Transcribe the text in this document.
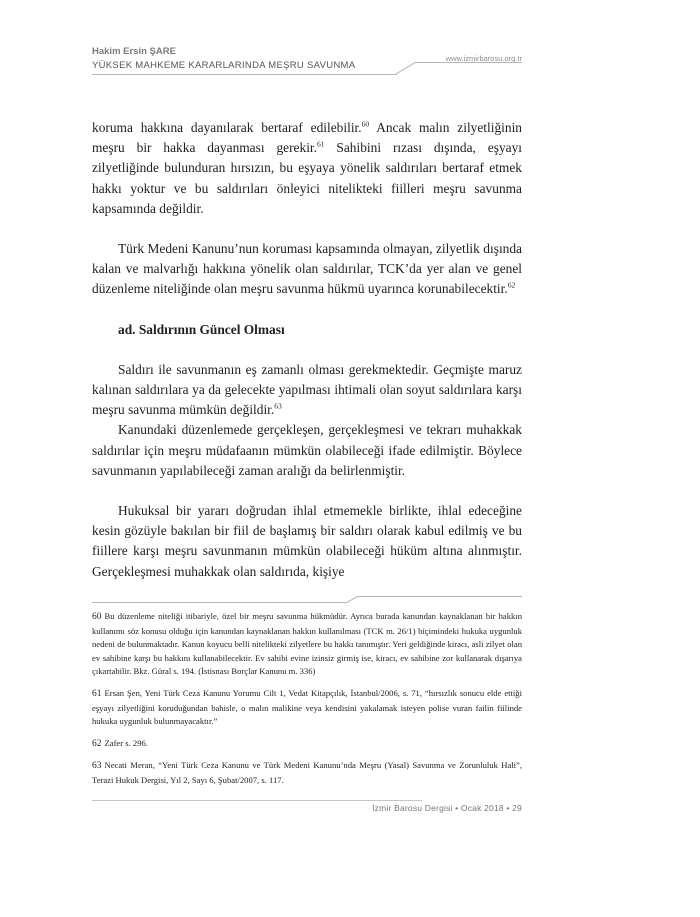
Hakim Ersin ŞARE
YÜKSEK MAHKEME KARARLARINDA MEŞRU SAVUNMA
www.izmirbarosu.org.tr

koruma hakkına dayanılarak bertaraf edilebilir.$^{60}$ Ancak malın zilyetliğinin meşru bir hakka dayanması gerekir.$^{61}$ Sahibini rızası dışında, eşyayı zilyetliğinde bulunduran hırsızın, bu eşyaya yönelik saldırıları bertaraf etmek hakkı yoktur ve bu saldırıları önleyici nitelikteki fiilleri meşru savunma kapsamında değildir.

Türk Medeni Kanunu’nun koruması kapsamında olmayan, zilyetlik dışında kalan ve malvarlığı hakkına yönelik olan saldırılar, TCK’da yer alan ve genel düzenleme niteliğinde olan meşru savunma hükmü uyarınca korunabilecektir.$^{62}$

ad. Saldırının Güncel Olması

Saldırı ile savunmanın eş zamanlı olması gerekmektedir. Geçmişte maruz kalınan saldırılara ya da gelecekte yapılması ihtimali olan soyut saldırılara karşı meşru savunma mümkün değildir.$^{63}$

Kanundaki düzenlemede gerçekleşen, gerçekleşmesi ve tekrarı muhakkak saldırılar için meşru müdafaanın mümkün olabileceği ifade edilmiştir. Böylece savunmanın yapılabileceği zaman aralığı da belirlenmiştir.

Hukuksal bir yararı doğrudan ihlal etmemekle birlikte, ihlal edeceğine kesin gözüyle bakılan bir fiil de başlamış bir saldırı olarak kabul edilmiş ve bu fiillere karşı meşru savunmanın mümkün olabileceği hüküm altına alınmıştır. Gerçekleşmesi muhakkak olan saldırıda, kişiye

60 Bu düzenleme niteliği itibariyle, özel bir meşru savunma hükmüdür. Ayrıca burada kanundan kaynaklanan bir hakkın kullanımı söz konusu olduğu için kanundan kaynaklanan hakkın kullanılması (TCK m. 26/1) biçimindeki hukuka uygunluk nedeni de bulunmaktadır. Kanun koyucu belli nitelikteki zilyetlere bu hakkı tanımıştır. Yeri geldiğinde kiracı, asli zilyet olan ev sahibine karşı bu hakkını kullanabilecektir. Ev sahibi evine izinsiz girmiş ise, kiracı, ev sahibine zor kullanarak dışarıya çıkartabilir. Bkz. Güral s. 194. (İstisnası Borçlar Kanunu m. 336)

61 Ersan Şen, Yeni Türk Ceza Kanunu Yorumu Cilt 1, Vedat Kitapçılık, İstanbul/2006, s. 71, “hırsızlık sonucu elde ettiği eşyayı zilyetliğini koruduğundan bahisle, o malın malikine veya kendisini yakalamak isteyen polise vuran failin fiilinde hukuka uygunluk bulunmayacaktır.”

62 Zafer s. 296.

63 Necati Meran, “Yeni Türk Ceza Kanunu ve Türk Medeni Kanunu’nda Meşru (Yasal) Savunma ve Zorunluluk Hali”, Terazi Hukuk Dergisi, Yıl 2, Sayı 6, Şubat/2007, s. 117.

İzmir Barosu Dergisi • Ocak 2018 • 29
